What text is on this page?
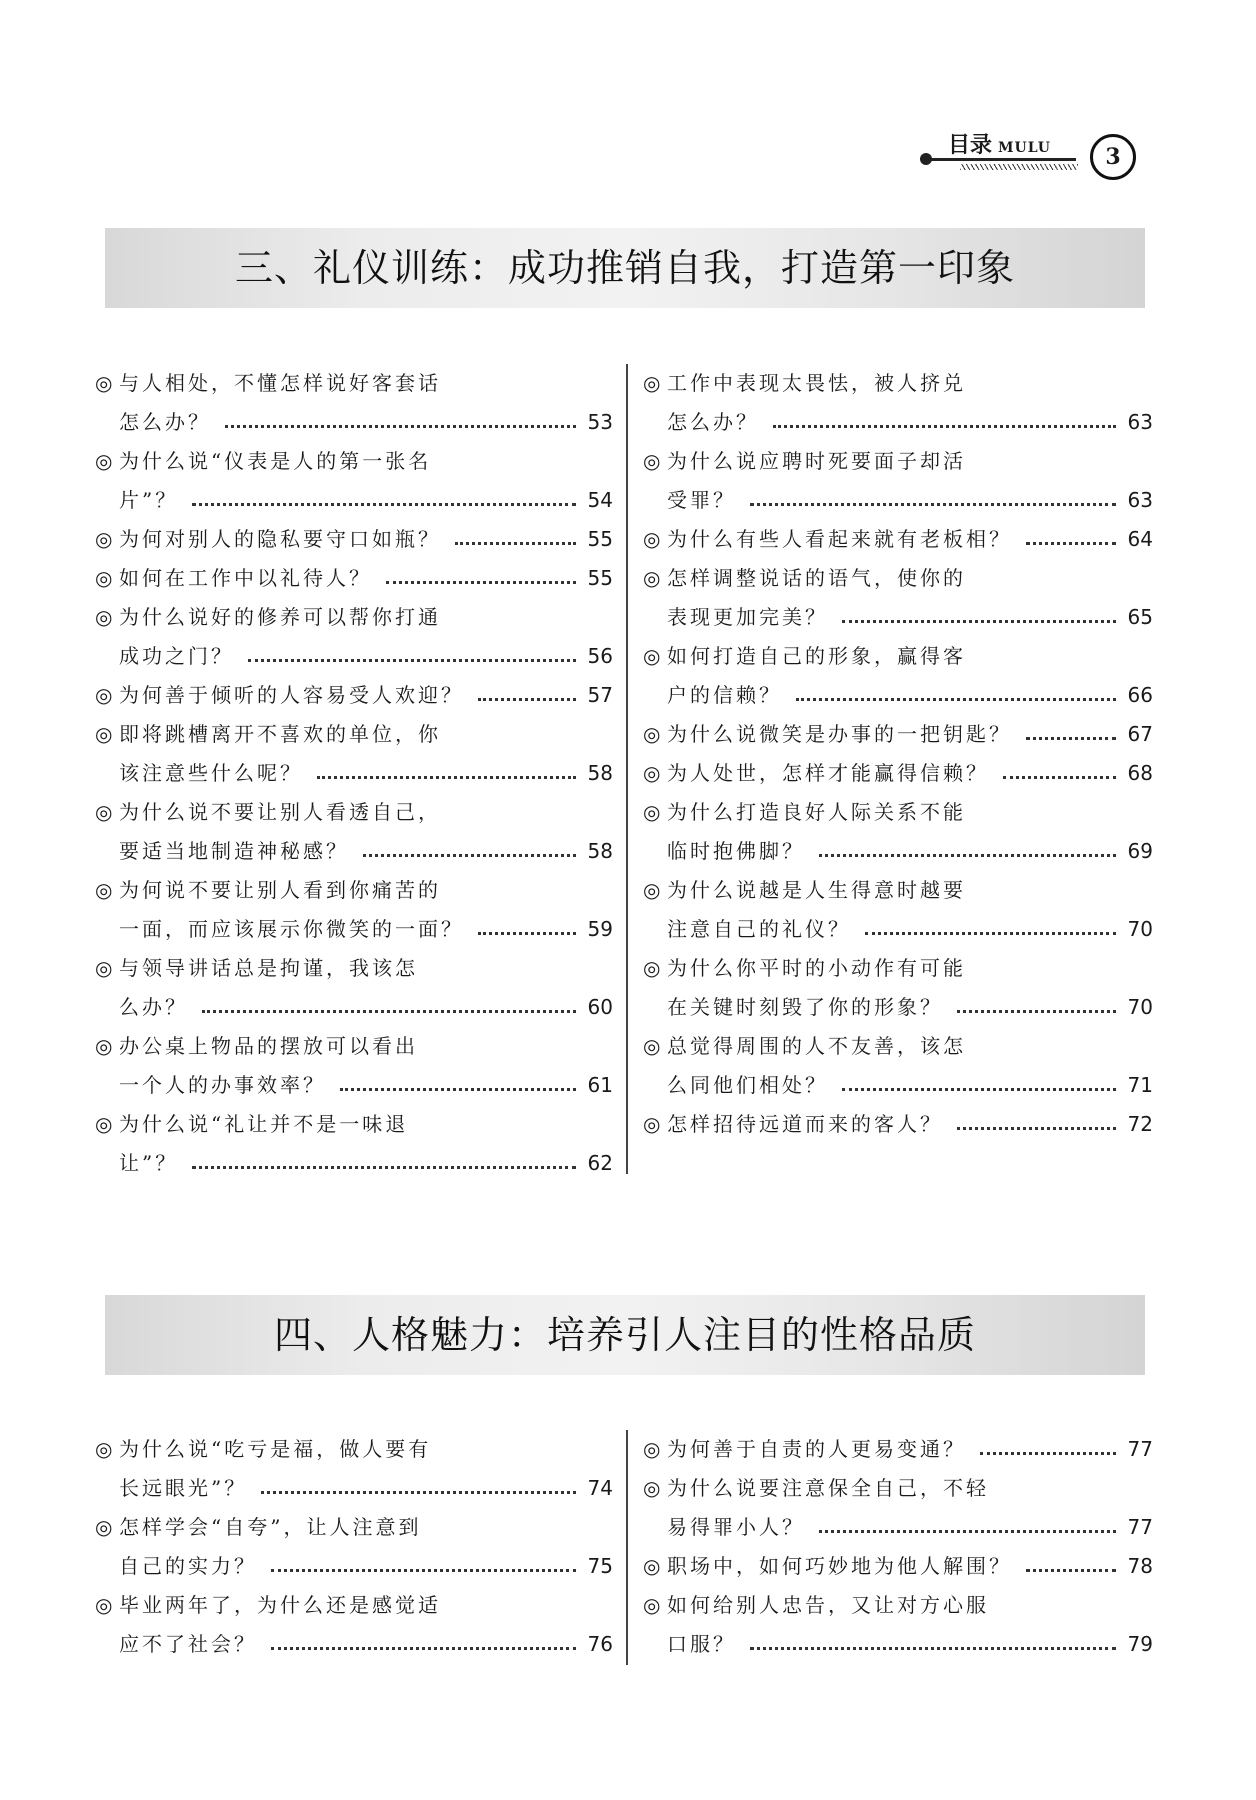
目录 MULU	3
三、礼仪训练：成功推销自我，打造第一印象
◎ 与人相处，不懂怎样说好客套话
怎么办？	53
◎ 为什么说“仪表是人的第一张名
片”？	54
◎ 为何对别人的隐私要守口如瓶？	55
◎ 如何在工作中以礼待人？	55
◎ 为什么说好的修养可以帮你打通
成功之门？	56
◎ 为何善于倾听的人容易受人欢迎？	57
◎ 即将跳槽离开不喜欢的单位，你
该注意些什么呢？	58
◎ 为什么说不要让别人看透自己，
要适当地制造神秘感？	58
◎ 为何说不要让别人看到你痛苦的
一面，而应该展示你微笑的一面？	59
◎ 与领导讲话总是拘谨，我该怎
么办？	60
◎ 办公桌上物品的摆放可以看出
一个人的办事效率？	61
◎ 为什么说“礼让并不是一味退
让”？	62
◎ 工作中表现太畏怯，被人挤兑
怎么办？	63
◎ 为什么说应聘时死要面子却活
受罪？	63
◎ 为什么有些人看起来就有老板相？	64
◎ 怎样调整说话的语气，使你的
表现更加完美？	65
◎ 如何打造自己的形象，赢得客
户的信赖？	66
◎ 为什么说微笑是办事的一把钥匙？	67
◎ 为人处世，怎样才能赢得信赖？	68
◎ 为什么打造良好人际关系不能
临时抱佛脚？	69
◎ 为什么说越是人生得意时越要
注意自己的礼仪？	70
◎ 为什么你平时的小动作有可能
在关键时刻毁了你的形象？	70
◎ 总觉得周围的人不友善，该怎
么同他们相处？	71
◎ 怎样招待远道而来的客人？	72
四、人格魅力：培养引人注目的性格品质
◎ 为什么说“吃亏是福，做人要有
长远眼光”？	74
◎ 怎样学会“自夸”，让人注意到
自己的实力？	75
◎ 毕业两年了，为什么还是感觉适
应不了社会？	76
◎ 为何善于自责的人更易变通？	77
◎ 为什么说要注意保全自己，不轻
易得罪小人？	77
◎ 职场中，如何巧妙地为他人解围？	78
◎ 如何给别人忠告，又让对方心服
口服？	79
